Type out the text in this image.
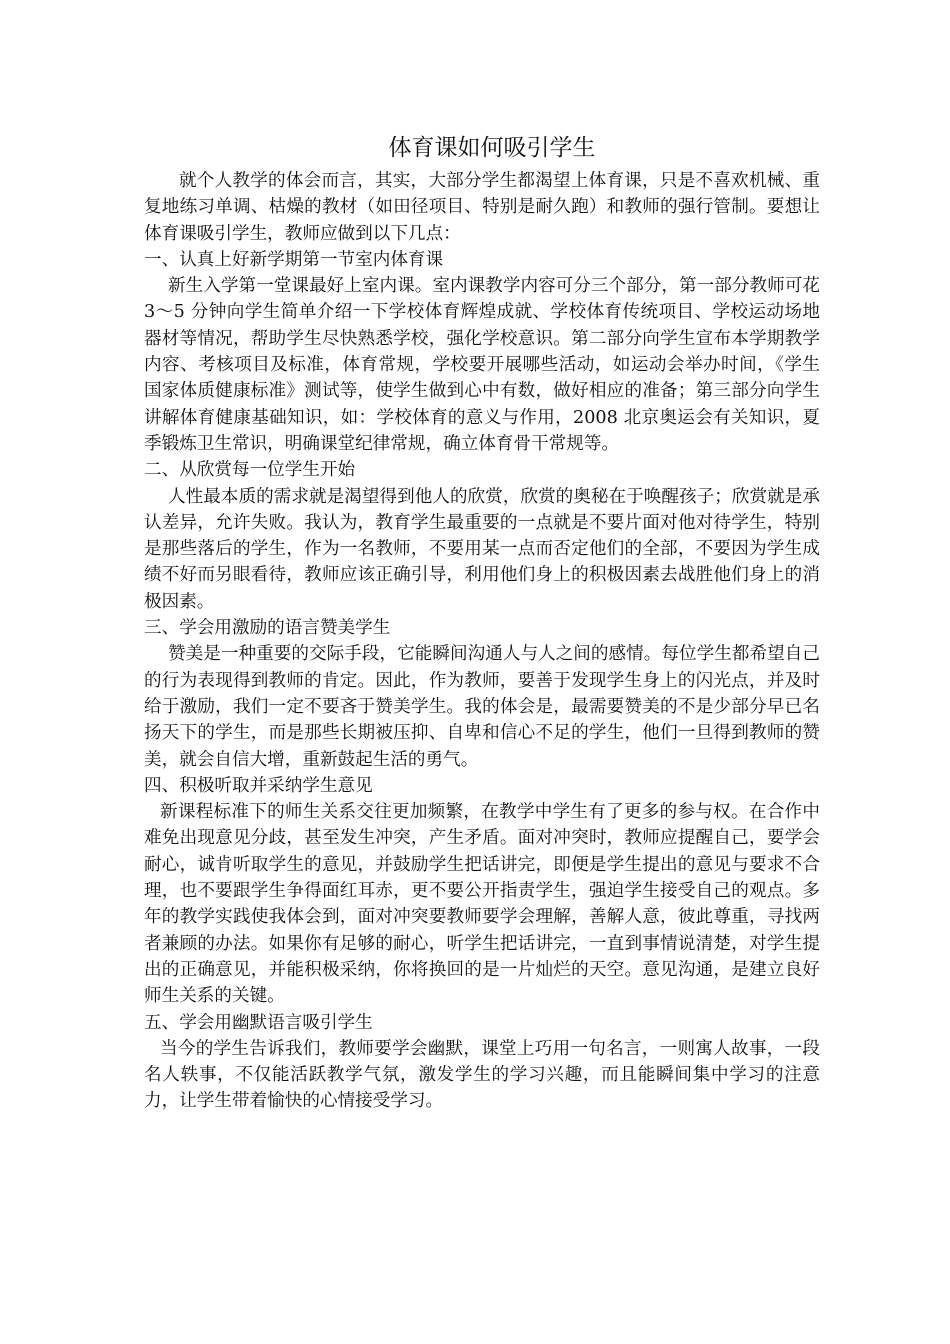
体育课如何吸引学生

就个人教学的体会而言，其实，大部分学生都渴望上体育课，只是不喜欢机械、重复地练习单调、枯燥的教材（如田径项目、特别是耐久跑）和教师的强行管制。要想让体育课吸引学生，教师应做到以下几点：

一、认真上好新学期第一节室内体育课

新生入学第一堂课最好上室内课。室内课教学内容可分三个部分，第一部分教师可花 3～5 分钟向学生简单介绍一下学校体育辉煌成就、学校体育传统项目、学校运动场地器材等情况，帮助学生尽快熟悉学校，强化学校意识。第二部分向学生宣布本学期教学内容、考核项目及标准，体育常规，学校要开展哪些活动，如运动会举办时间，《学生国家体质健康标准》测试等，使学生做到心中有数，做好相应的准备；第三部分向学生讲解体育健康基础知识，如：学校体育的意义与作用，2008 北京奥运会有关知识，夏季锻炼卫生常识，明确课堂纪律常规，确立体育骨干常规等。

二、从欣赏每一位学生开始

人性最本质的需求就是渴望得到他人的欣赏，欣赏的奥秘在于唤醒孩子；欣赏就是承认差异，允许失败。我认为，教育学生最重要的一点就是不要片面对他对待学生，特别是那些落后的学生，作为一名教师，不要用某一点而否定他们的全部，不要因为学生成绩不好而另眼看待，教师应该正确引导，利用他们身上的积极因素去战胜他们身上的消极因素。

三、学会用激励的语言赞美学生

赞美是一种重要的交际手段，它能瞬间沟通人与人之间的感情。每位学生都希望自己的行为表现得到教师的肯定。因此，作为教师，要善于发现学生身上的闪光点，并及时给于激励，我们一定不要吝于赞美学生。我的体会是，最需要赞美的不是少部分早已名扬天下的学生，而是那些长期被压抑、自卑和信心不足的学生，他们一旦得到教师的赞美，就会自信大增，重新鼓起生活的勇气。

四、积极听取并采纳学生意见

新课程标准下的师生关系交往更加频繁，在教学中学生有了更多的参与权。在合作中难免出现意见分歧，甚至发生冲突，产生矛盾。面对冲突时，教师应提醒自己，要学会耐心，诚肯听取学生的意见，并鼓励学生把话讲完，即便是学生提出的意见与要求不合理，也不要跟学生争得面红耳赤，更不要公开指责学生，强迫学生接受自己的观点。多年的教学实践使我体会到，面对冲突要教师要学会理解，善解人意，彼此尊重，寻找两者兼顾的办法。如果你有足够的耐心，听学生把话讲完，一直到事情说清楚，对学生提出的正确意见，并能积极采纳，你将换回的是一片灿烂的天空。意见沟通，是建立良好师生关系的关键。

五、学会用幽默语言吸引学生

当今的学生告诉我们，教师要学会幽默，课堂上巧用一句名言，一则寓人故事，一段名人轶事，不仅能活跃教学气氛，激发学生的学习兴趣，而且能瞬间集中学习的注意力，让学生带着愉快的心情接受学习。
